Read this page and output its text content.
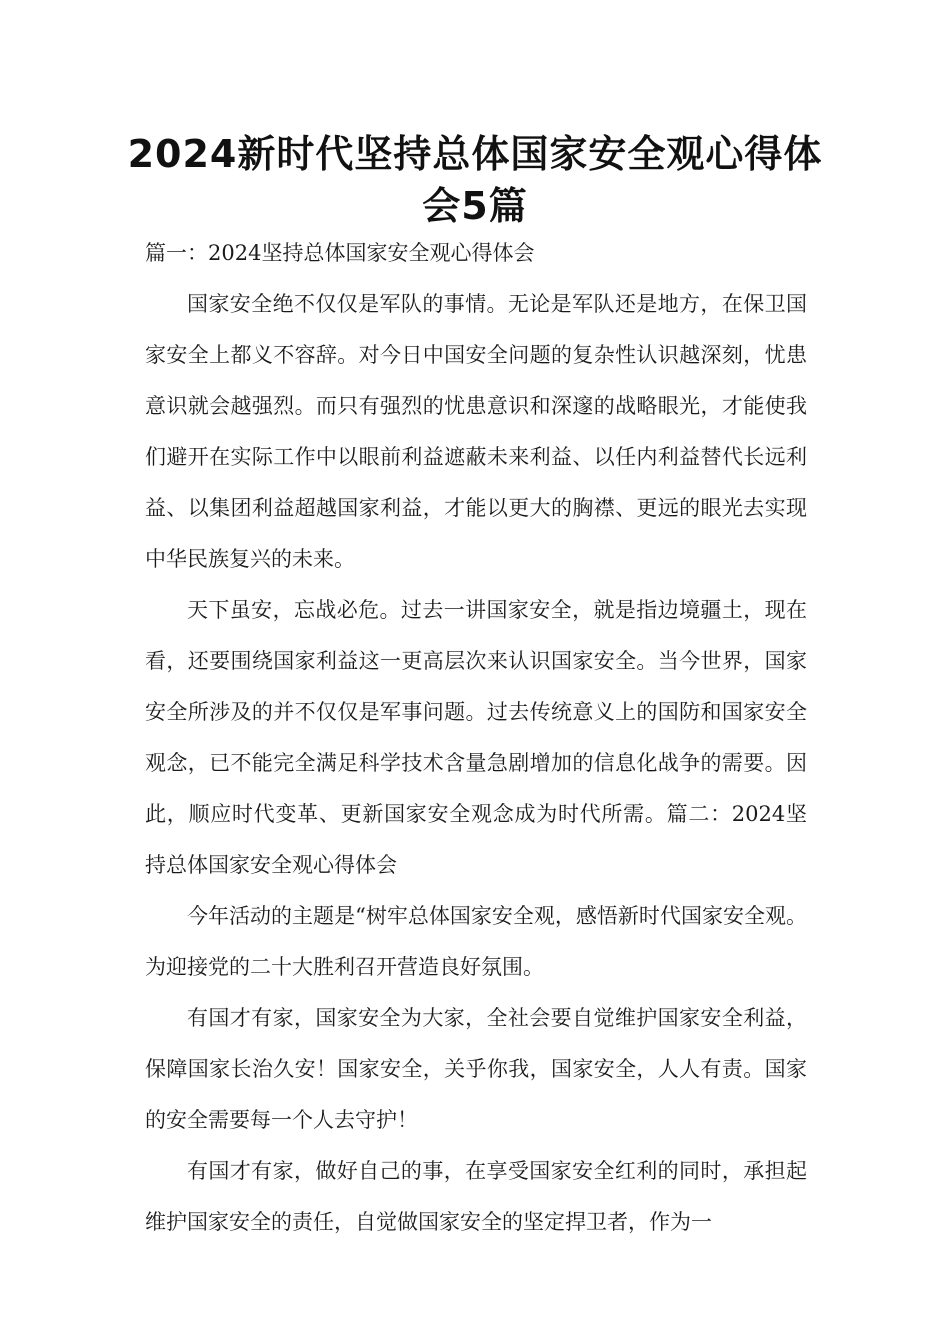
2024新时代坚持总体国家安全观心得体会5篇

篇一：2024坚持总体国家安全观心得体会

国家安全绝不仅仅是军队的事情。无论是军队还是地方，在保卫国家安全上都义不容辞。对今日中国安全问题的复杂性认识越深刻，忧患意识就会越强烈。而只有强烈的忧患意识和深邃的战略眼光，才能使我们避开在实际工作中以眼前利益遮蔽未来利益、以任内利益替代长远利益、以集团利益超越国家利益，才能以更大的胸襟、更远的眼光去实现中华民族复兴的未来。

天下虽安，忘战必危。过去一讲国家安全，就是指边境疆土，现在看，还要围绕国家利益这一更高层次来认识国家安全。当今世界，国家安全所涉及的并不仅仅是军事问题。过去传统意义上的国防和国家安全观念，已不能完全满足科学技术含量急剧增加的信息化战争的需要。因此，顺应时代变革、更新国家安全观念成为时代所需。篇二：2024坚持总体国家安全观心得体会

今年活动的主题是“树牢总体国家安全观，感悟新时代国家安全观。为迎接党的二十大胜利召开营造良好氛围。

有国才有家，国家安全为大家，全社会要自觉维护国家安全利益，保障国家长治久安！国家安全，关乎你我，国家安全，人人有责。国家的安全需要每一个人去守护！

有国才有家，做好自己的事，在享受国家安全红利的同时，承担起维护国家安全的责任，自觉做国家安全的坚定捍卫者，作为一
